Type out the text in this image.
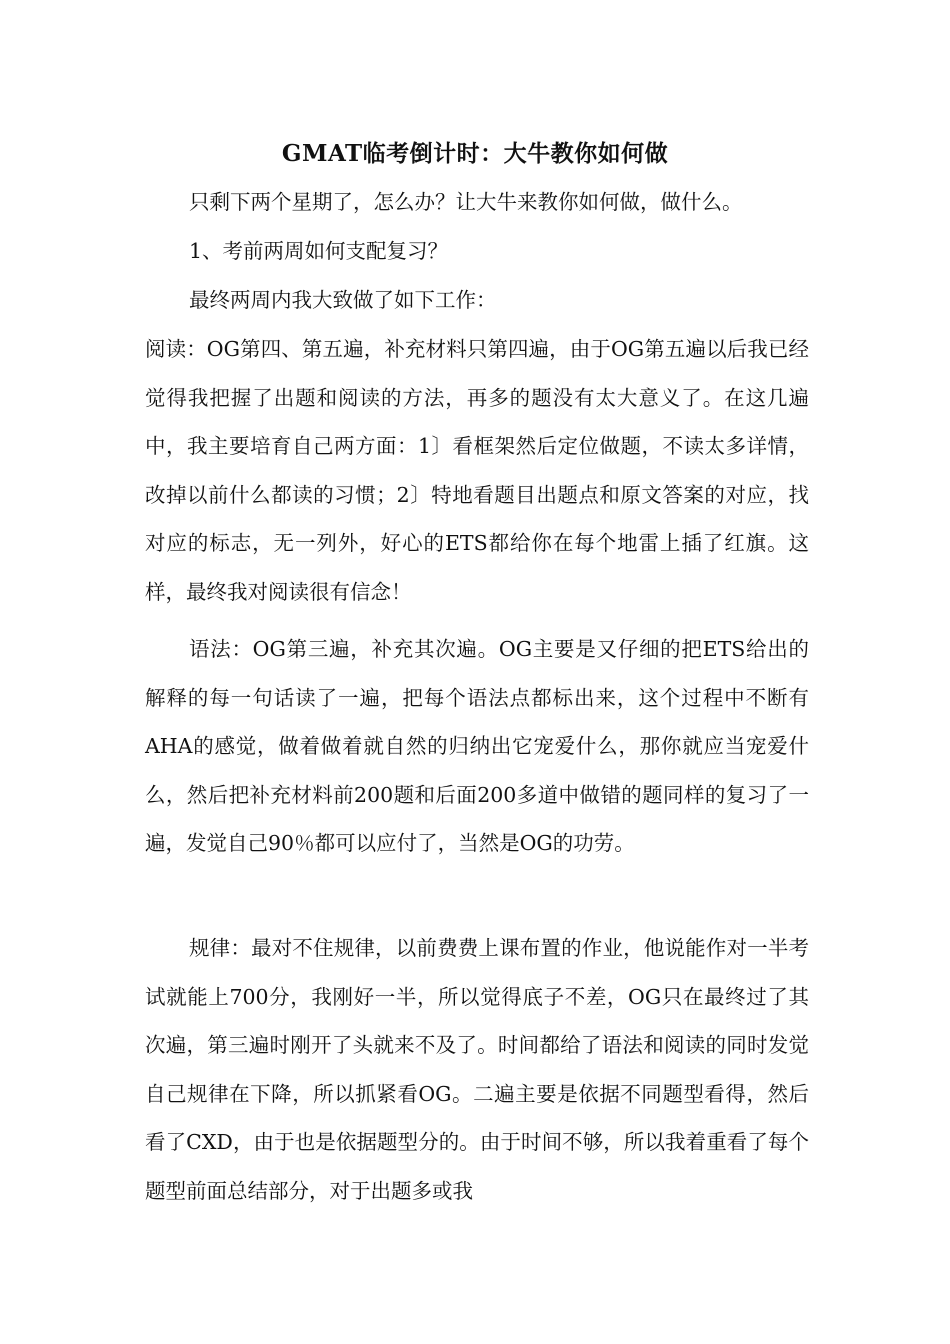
GMAT临考倒计时：大牛教你如何做

只剩下两个星期了，怎么办？让大牛来教你如何做，做什么。

1、考前两周如何支配复习？

最终两周内我大致做了如下工作：

阅读：OG第四、第五遍，补充材料只第四遍，由于OG第五遍以后我已经觉得我把握了出题和阅读的方法，再多的题没有太大意义了。在这几遍中，我主要培育自己两方面：1〕看框架然后定位做题，不读太多详情，改掉以前什么都读的习惯；2〕特地看题目出题点和原文答案的对应，找对应的标志，无一列外，好心的ETS都给你在每个地雷上插了红旗。这样，最终我对阅读很有信念！

语法：OG第三遍，补充其次遍。OG主要是又仔细的把ETS给出的解释的每一句话读了一遍，把每个语法点都标出来，这个过程中不断有AHA的感觉，做着做着就自然的归纳出它宠爱什么，那你就应当宠爱什么，然后把补充材料前200题和后面200多道中做错的题同样的复习了一遍，发觉自己90％都可以应付了，当然是OG的功劳。

规律：最对不住规律，以前费费上课布置的作业，他说能作对一半考试就能上700分，我刚好一半，所以觉得底子不差，OG只在最终过了其次遍，第三遍时刚开了头就来不及了。时间都给了语法和阅读的同时发觉自己规律在下降，所以抓紧看OG。二遍主要是依据不同题型看得，然后看了CXD，由于也是依据题型分的。由于时间不够，所以我着重看了每个题型前面总结部分，对于出题多或我
